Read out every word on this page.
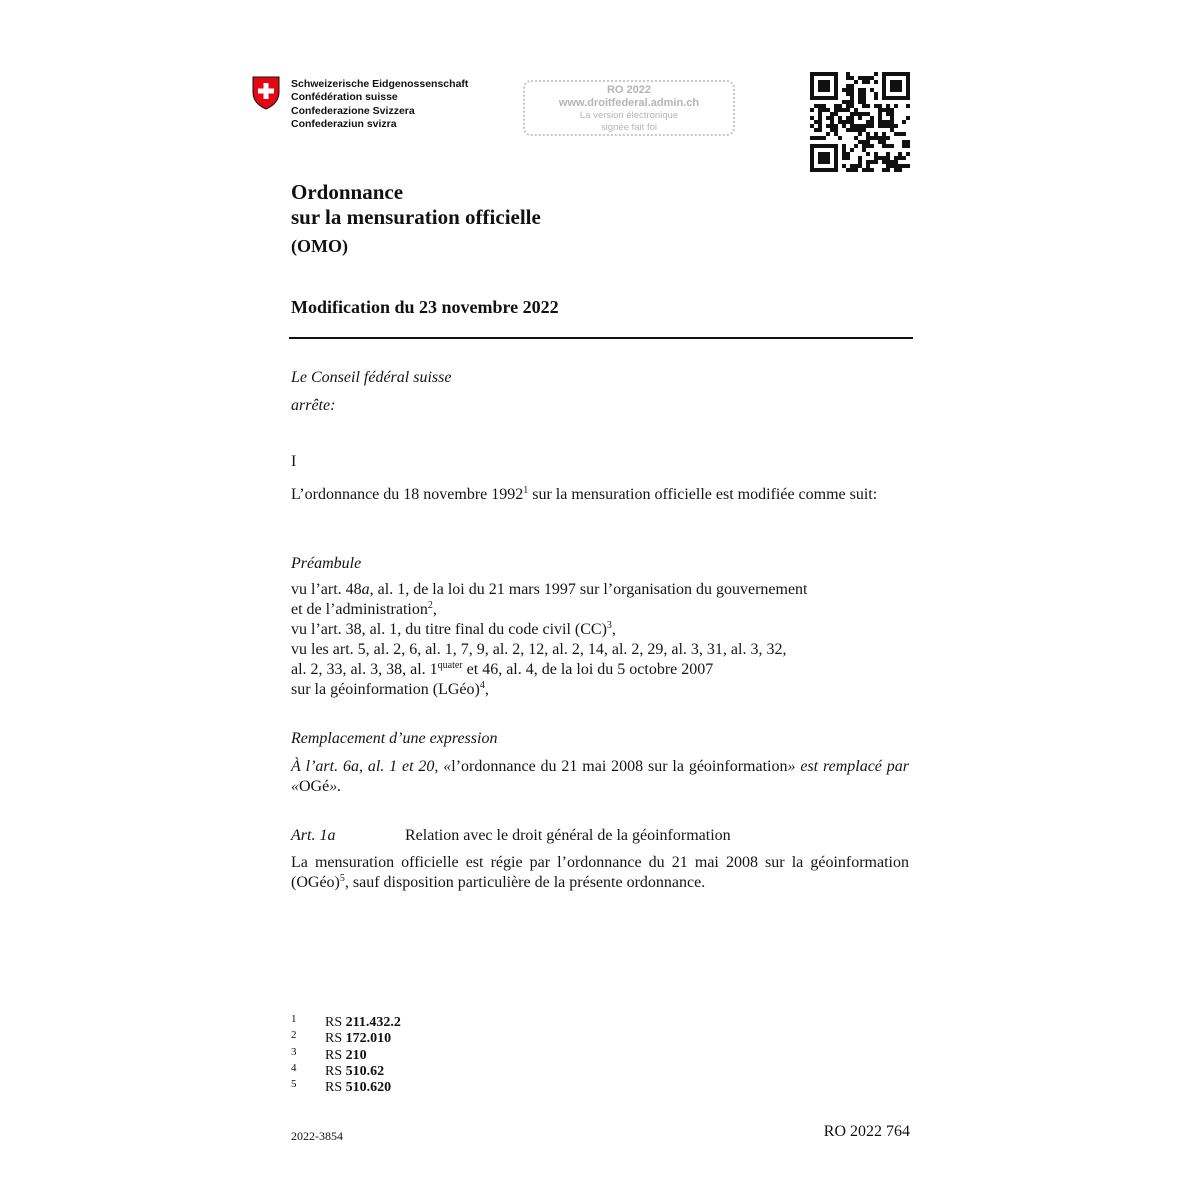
Schweizerische Eidgenossenschaft
Confédération suisse
Confederazione Svizzera
Confederaziun svizra
RO 2022
www.droitfederal.admin.ch
La version électronique
signée fait foi
Ordonnance
sur la mensuration officielle
(OMO)
Modification du 23 novembre 2022
Le Conseil fédéral suisse
arrête:
I
L’ordonnance du 18 novembre 1992$^1$ sur la mensuration officielle est modifiée comme suit:
Préambule
vu l’art. 48a, al. 1, de la loi du 21 mars 1997 sur l’organisation du gouvernement
et de l’administration$^2$,
vu l’art. 38, al. 1, du titre final du code civil (CC)$^3$,
vu les art. 5, al. 2, 6, al. 1, 7, 9, al. 2, 12, al. 2, 14, al. 2, 29, al. 3, 31, al. 3, 32,
al. 2, 33, al. 3, 38, al. $1^{quater}$ et 46, al. 4, de la loi du 5 octobre 2007
sur la géoinformation (LGéo)$^4$,
Remplacement d’une expression
À l’art. 6a, al. 1 et 20, «l’ordonnance du 21 mai 2008 sur la géoinformation» est remplacé par «OGé».
Art. 1a	Relation avec le droit général de la géoinformation
La mensuration officielle est régie par l’ordonnance du 21 mai 2008 sur la géoinformation (OGéo)$^5$, sauf disposition particulière de la présente ordonnance.
1 RS 211.432.2
2 RS 172.010
3 RS 210
4 RS 510.62
5 RS 510.620
2022-3854	RO 2022 764
